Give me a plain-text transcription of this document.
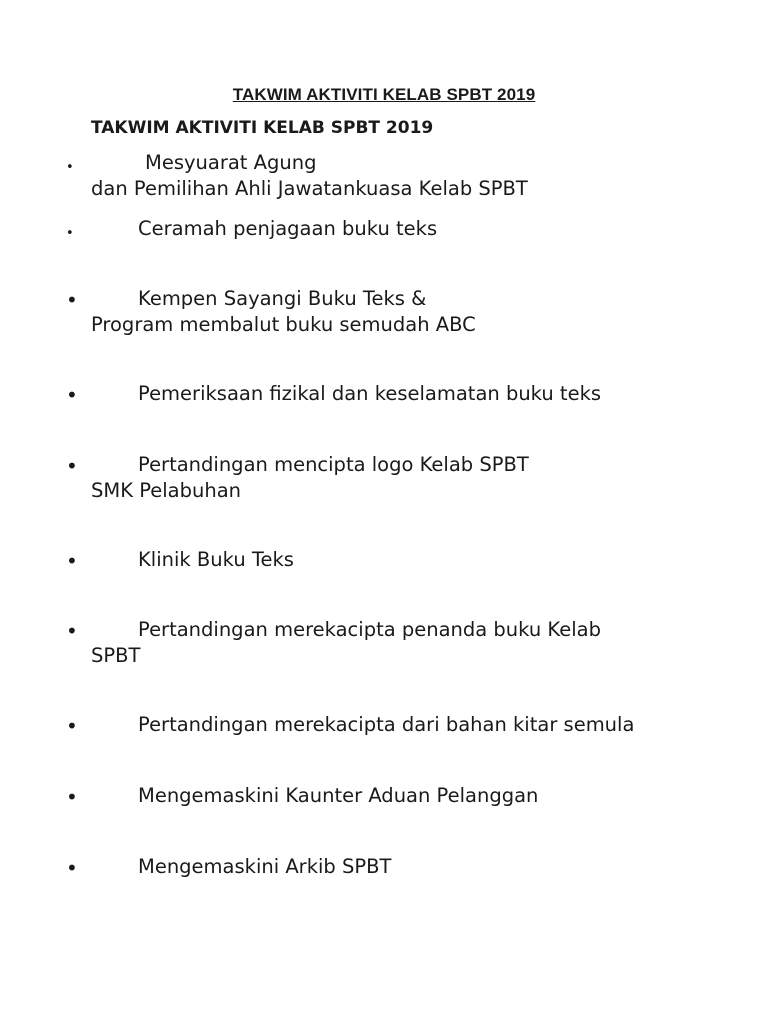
TAKWIM AKTIVITI KELAB SPBT 2019
TAKWIM AKTIVITI KELAB SPBT 2019
•	Mesyuarat Agung
dan Pemilihan Ahli Jawatankuasa Kelab SPBT
•	Ceramah penjagaan buku teks
•	Kempen Sayangi Buku Teks &
Program membalut buku semudah ABC
•	Pemeriksaan fizikal dan keselamatan buku teks
•	Pertandingan mencipta logo Kelab SPBT
SMK Pelabuhan
•	Klinik Buku Teks
•	Pertandingan merekacipta penanda buku Kelab
SPBT
•	Pertandingan merekacipta dari bahan kitar semula
•	Mengemaskini Kaunter Aduan Pelanggan
•	Mengemaskini Arkib SPBT
